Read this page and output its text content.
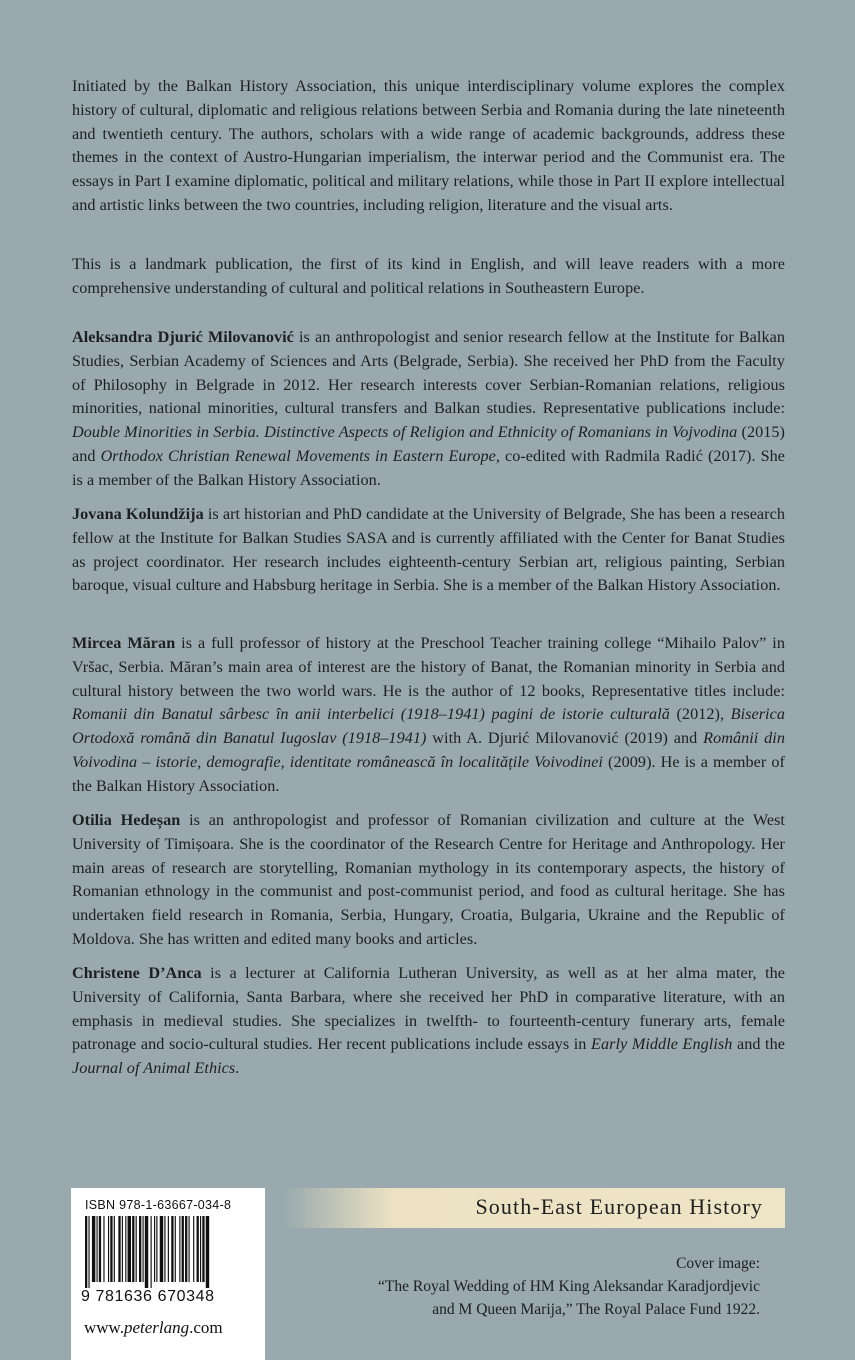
Initiated by the Balkan History Association, this unique interdisciplinary volume explores the complex history of cultural, diplomatic and religious relations between Serbia and Romania during the late nineteenth and twentieth century. The authors, scholars with a wide range of academic backgrounds, address these themes in the context of Austro-Hungarian imperialism, the interwar period and the Communist era. The essays in Part I examine diplomatic, political and military relations, while those in Part II explore intellectual and artistic links between the two countries, including religion, literature and the visual arts.

This is a landmark publication, the first of its kind in English, and will leave readers with a more comprehensive understanding of cultural and political relations in Southeastern Europe.

Aleksandra Djurić Milovanović is an anthropologist and senior research fellow at the Institute for Balkan Studies, Serbian Academy of Sciences and Arts (Belgrade, Serbia). She received her PhD from the Faculty of Philosophy in Belgrade in 2012. Her research interests cover Serbian-Romanian relations, religious minorities, national minorities, cultural transfers and Balkan studies. Representative publications include: Double Minorities in Serbia. Distinctive Aspects of Religion and Ethnicity of Romanians in Vojvodina (2015) and Orthodox Christian Renewal Movements in Eastern Europe, co-edited with Radmila Radić (2017). She is a member of the Balkan History Association.

Jovana Kolundžija is art historian and PhD candidate at the University of Belgrade, She has been a research fellow at the Institute for Balkan Studies SASA and is currently affiliated with the Center for Banat Studies as project coordinator. Her research includes eighteenth-century Serbian art, religious painting, Serbian baroque, visual culture and Habsburg heritage in Serbia. She is a member of the Balkan History Association.

Mircea Măran is a full professor of history at the Preschool Teacher training college “Mihailo Palov” in Vršac, Serbia. Măran’s main area of interest are the history of Banat, the Romanian minority in Serbia and cultural history between the two world wars. He is the author of 12 books, Representative titles include: Romanii din Banatul sârbesc în anii interbelici (1918–1941) pagini de istorie culturală (2012), Biserica Ortodoxă română din Banatul Iugoslav (1918–1941) with A. Djurić Milovanović (2019) and Românii din Voivodina – istorie, demografie, identitate românească în localitățile Voivodinei (2009). He is a member of the Balkan History Association.

Otilia Hedeșan is an anthropologist and professor of Romanian civilization and culture at the West University of Timișoara. She is the coordinator of the Research Centre for Heritage and Anthropology. Her main areas of research are storytelling, Romanian mythology in its contemporary aspects, the history of Romanian ethnology in the communist and post-communist period, and food as cultural heritage. She has undertaken field research in Romania, Serbia, Hungary, Croatia, Bulgaria, Ukraine and the Republic of Moldova. She has written and edited many books and articles.

Christene D’Anca is a lecturer at California Lutheran University, as well as at her alma mater, the University of California, Santa Barbara, where she received her PhD in comparative literature, with an emphasis in medieval studies. She specializes in twelfth- to fourteenth-century funerary arts, female patronage and socio-cultural studies. Her recent publications include essays in Early Middle English and the Journal of Animal Ethics.

ISBN 978-1-63667-034-8
9 781636 670348
www.peterlang.com
South-East European History
Cover image:
“The Royal Wedding of HM King Aleksandar Karadjordjevic
and M Queen Marija,” The Royal Palace Fund 1922.
